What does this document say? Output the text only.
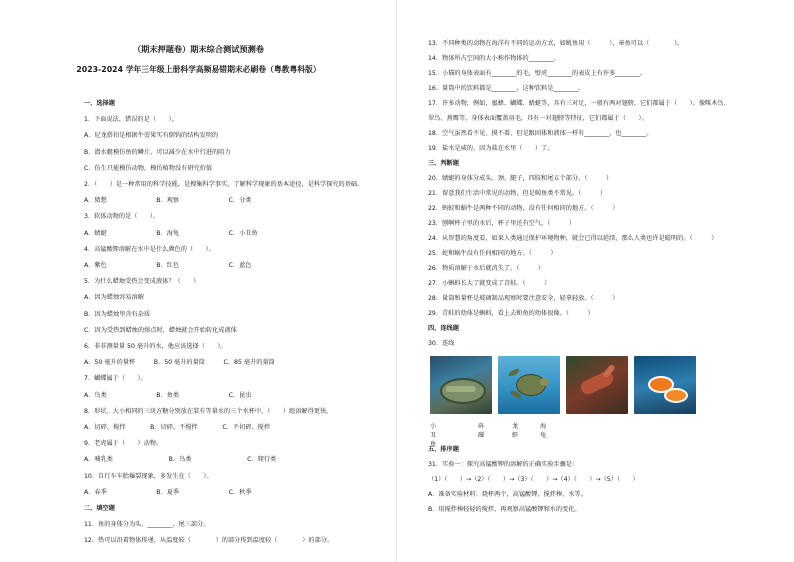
（期末押题卷）期末综合测试预测卷
2023-2024 学年三年级上册科学高频易错期末必刷卷（粤教粤科版）
一、选择题
1．下面说法，错误的是（　　）。
A．尼龙搭扣是根据牛蒡果实有倒钩的结构发明的
B．潜水艇模仿鱼的鳞片，可以减少在水中行进的阻力
C．仿生只能模仿动物，模仿植物没有研究价值
2．（　　）是一种常用的科学技能，是搜集科学事实，了解科学现象的基本途径，是科学探究的基础。
A．猜想　　　　　　　　B．观察　　　　　　　　C．分类
3．软体动物的是（　　）。
A．蜻蜓　　　　　　　　B．海龟　　　　　　　　C．小丑鱼
4．高锰酸钾溶解在水中是什么颜色的（　　）。
A．紫色　　　　　　　　B．红色　　　　　　　　C．蓝色
5．为什么蜡烛受热会变成液体？（　　）
A．因为蜡烛容易溶解
B．因为蜡烛里含有杂质
C．因为受热到蜡烛的熔点时，蜡烛就会开始转化成液体
6．非非测量量 50 毫升的水，他应该选择（　　）。
A．50 毫升的量杯　　　B．50 毫升的量筒　　　C．85 毫升的量筒
7．蝴蝶属于（　　）。
A．鸟类　　　　　　　　B．鱼类　　　　　　　　C．昆虫
8．形状、大小相同的三块方糖分别放在装有等量水的三个水杯中，（　　）组溶解得更快。
A．切碎、搅拌　　　　B．切碎、不搅拌　　　　C．不切碎、搅拌
9．老虎属于（　　）动物。
A．哺乳类　　　　　　　　　B．鸟类　　　　　　　　　C．爬行类
10．自行车车胎爆裂现象，多发生在（　　）。
A．春季　　　　　　　　B．夏季　　　　　　　　C．秋季
二、填空题
11．鱼的身体分为头、________、尾三部分。
12．热可以沿着物体传递，从温度较（　　　　）的部分传到温度较（　　　　）的部分。
13．不同种类的动物在海洋有不同的运动方式，如鱿鱼用（　　　），章鱼可以（　　　　）。
14．物体所占空间的大小称作物体的________。
15．小猫的身体表面有________的毛，壁虎________的表皮上有许多________。
16．量筒中的饮料都是________，这种饮料是________。
17．许多动物，例如，蜜蜂、蝴蝶、蜻蜓等，具有三对足，一般有两对翅膀，它们都属于（　　）。像啄木鸟、
翠鸟、燕鹰等，身体表面覆盖羽毛，具有一对翅膀等特征，它们都属于（　　）。
18．空气虽然看不见、摸不着，但是跟固体和液体一样有________，也________。
19．盐水是咸的，因为盐在水里（　　）了。
三、判断题
20．蜻蜓的身体分成头、颈、腿子，四肢和尾五个部分。（　　　）
21．留意我们生活中常见的动物，但是鲸鱼类不常见。（　　　）
22．蚂蚁和蜗牛是两种不同的动物，没有任何相同的地方。（　　　）
23．刨啊杯子里的水后，杯子里还有空气。（　　　）
24．从智慧的角度看，如果人类通过保护环境物种，就会已得以延续，那么人类也许是聪明的。（　　　）
25．蛇和蜗牛没有任何相同的地方。（　　　）
26．物质溶解于水后就消失了。（　　　）
27．小蝌蚪长大了就变成了青蛙。（　　　）
28．量筒和量杯是玻璃制品观察时要注意安全，轻拿轻放。（　　　）
29．青蛙的幼体是蝌蚪，看上去和鱼的幼体很像。（　　　）
四、连线题
30．连线
小丑鱼
砗磲
龙虾
海龟
五、排序题
31．实验一：探究高锰酸钾的溶解的正确实验步骤是：
（1）（　　）→（2）（　　）→（3）（　　）→（4）（　　）→（5）（　　）
A．准备实验材料：烧杯两个，高锰酸钾，搅拌棒，水等。
B．用搅拌棒轻轻的搅拌，再观察高锰酸钾和水的变化。
